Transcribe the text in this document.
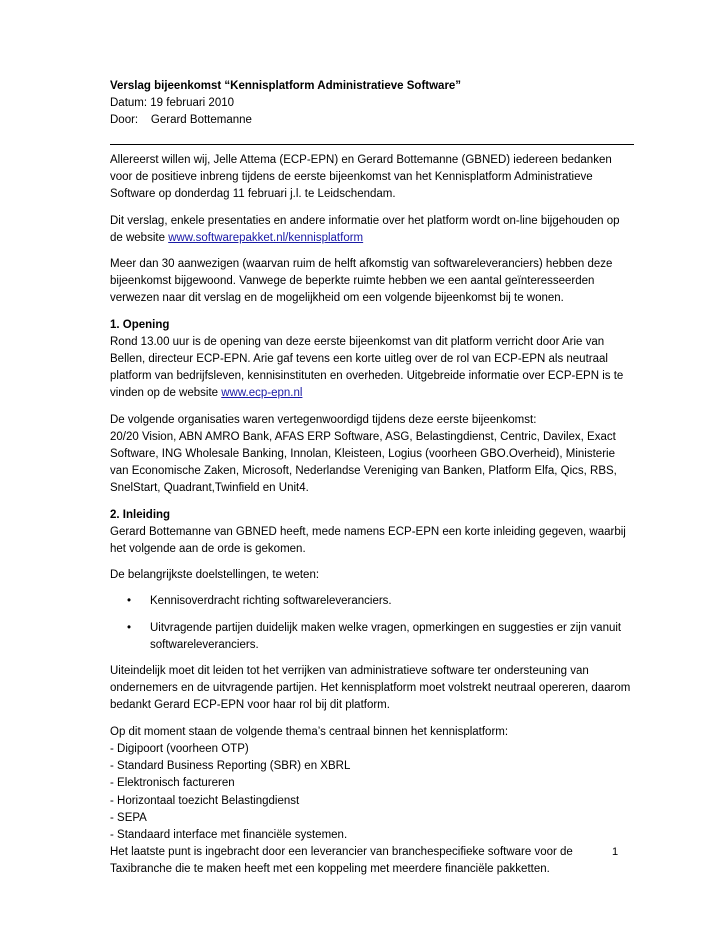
Verslag bijeenkomst “Kennisplatform Administratieve Software”

Datum: 19 februari 2010

Door: Gerard Bottemanne

Allereerst willen wij, Jelle Attema (ECP-EPN) en Gerard Bottemanne (GBNED) iedereen bedanken voor de positieve inbreng tijdens de eerste bijeenkomst van het Kennisplatform Administratieve Software op donderdag 11 februari j.l. te Leidschendam.

Dit verslag, enkele presentaties en andere informatie over het platform wordt on-line bijgehouden op de website www.softwarepakket.nl/kennisplatform

Meer dan 30 aanwezigen (waarvan ruim de helft afkomstig van softwareleveranciers) hebben deze bijeenkomst bijgewoond. Vanwege de beperkte ruimte hebben we een aantal geïnteresseerden verwezen naar dit verslag en de mogelijkheid om een volgende bijeenkomst bij te wonen.

1. Opening
Rond 13.00 uur is de opening van deze eerste bijeenkomst van dit platform verricht door Arie van Bellen, directeur ECP-EPN. Arie gaf tevens een korte uitleg over de rol van ECP-EPN als neutraal platform van bedrijfsleven, kennisinstituten en overheden. Uitgebreide informatie over ECP-EPN is te vinden op de website www.ecp-epn.nl

De volgende organisaties waren vertegenwoordigd tijdens deze eerste bijeenkomst:
20/20 Vision, ABN AMRO Bank, AFAS ERP Software, ASG, Belastingdienst, Centric, Davilex, Exact Software, ING Wholesale Banking, Innolan, Kleisteen, Logius (voorheen GBO.Overheid), Ministerie van Economische Zaken, Microsoft, Nederlandse Vereniging van Banken, Platform Elfa, Qics, RBS, SnelStart, Quadrant,Twinfield en Unit4.

2. Inleiding
Gerard Bottemanne van GBNED heeft, mede namens ECP-EPN een korte inleiding gegeven, waarbij het volgende aan de orde is gekomen.

De belangrijkste doelstellingen, te weten:

• Kennisoverdracht richting softwareleveranciers.
• Uitvragende partijen duidelijk maken welke vragen, opmerkingen en suggesties er zijn vanuit softwareleveranciers.

Uiteindelijk moet dit leiden tot het verrijken van administratieve software ter ondersteuning van ondernemers en de uitvragende partijen. Het kennisplatform moet volstrekt neutraal opereren, daarom bedankt Gerard ECP-EPN voor haar rol bij dit platform.

Op dit moment staan de volgende thema’s centraal binnen het kennisplatform:
- Digipoort (voorheen OTP)
- Standard Business Reporting (SBR) en XBRL
- Elektronisch factureren
- Horizontaal toezicht Belastingdienst
- SEPA
- Standaard interface met financiële systemen.
Het laatste punt is ingebracht door een leverancier van branchespecifieke software voor de Taxibranche die te maken heeft met een koppeling met meerdere financiële pakketten.

1
